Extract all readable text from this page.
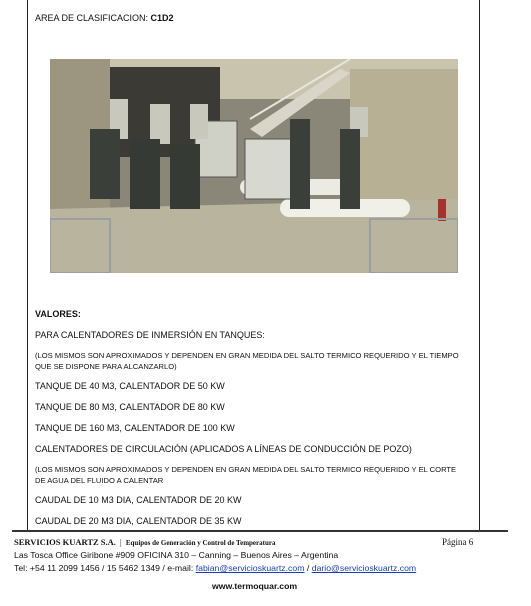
AREA DE CLASIFICACION: C1D2
VALORES:
PARA CALENTADORES DE INMERSIÓN EN TANQUES:
(LOS MISMOS SON APROXIMADOS Y DEPENDEN EN GRAN MEDIDA DEL SALTO TERMICO REQUERIDO Y EL TIEMPO
QUE SE DISPONE PARA ALCANZARLO)
TANQUE DE 40 M3, CALENTADOR DE 50 KW
TANQUE DE 80 M3, CALENTADOR DE 80 KW
TANQUE DE 160 M3, CALENTADOR DE 100 KW
CALENTADORES DE CIRCULACIÓN (APLICADOS A LÍNEAS DE CONDUCCIÓN DE POZO)
(LOS MISMOS SON APROXIMADOS Y DEPENDEN EN GRAN MEDIDA DEL SALTO TERMICO REQUERIDO Y EL CORTE
DE AGUA DEL FLUIDO A CALENTAR
CAUDAL DE 10 M3 DIA, CALENTADOR DE 20 KW
CAUDAL DE 20 M3 DIA, CALENTADOR DE 35 KW
SERVICIOS KUARTZ S.A. | Equipos de Generación y Control de Temperatura	Página 6
Las Tosca Office Giribone #909 OFICINA 310 – Canning – Buenos Aires – Argentina
Tel: +54 11 2099 1456 / 15 5462 1349 / e-mail: fabian@servicioskuartz.com / dario@servicioskuartz.com
www.termoquar.com
